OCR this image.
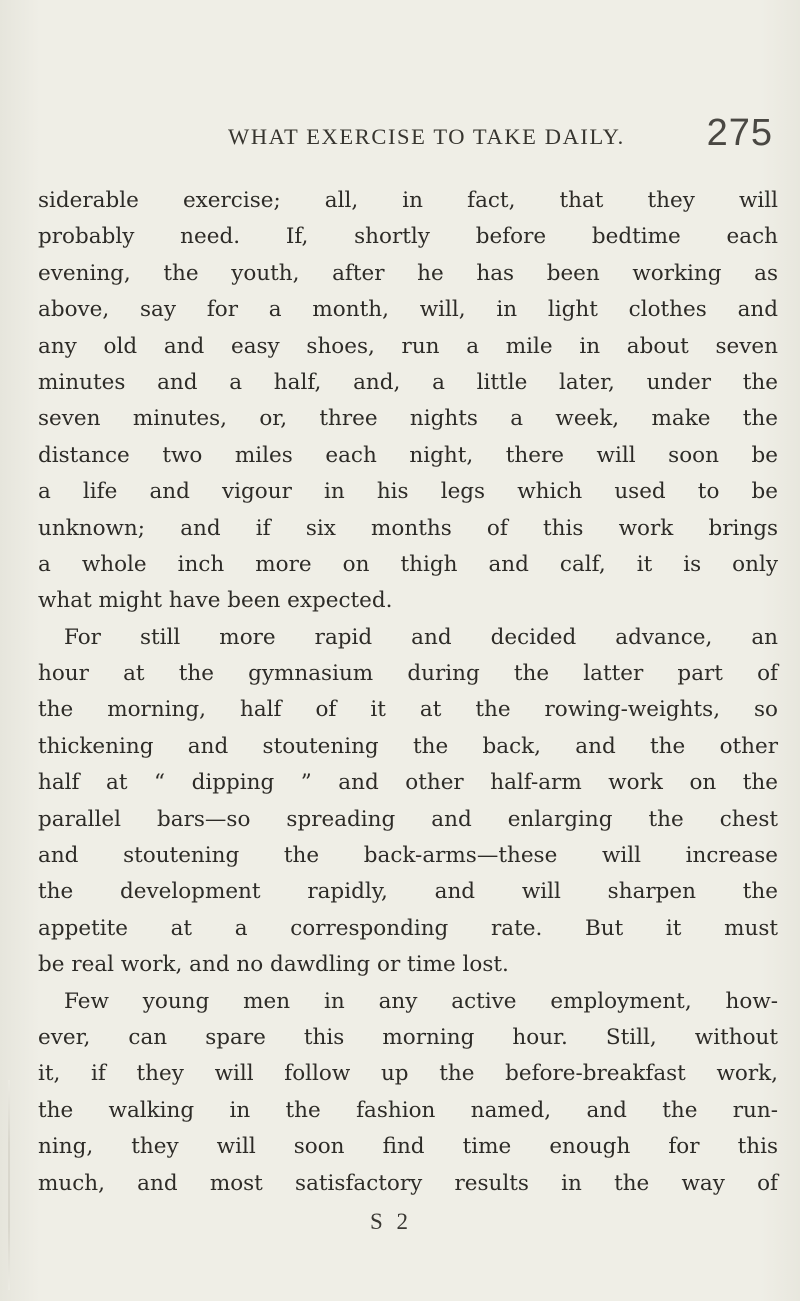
WHAT EXERCISE TO TAKE DAILY. 275
siderable exercise; all, in fact, that they will
probably need. If, shortly before bedtime each
evening, the youth, after he has been working as
above, say for a month, will, in light clothes and
any old and easy shoes, run a mile in about seven
minutes and a half, and, a little later, under the
seven minutes, or, three nights a week, make the
distance two miles each night, there will soon be
a life and vigour in his legs which used to be
unknown; and if six months of this work brings
a whole inch more on thigh and calf, it is only
what might have been expected.
For still more rapid and decided advance, an
hour at the gymnasium during the latter part of
the morning, half of it at the rowing-weights, so
thickening and stoutening the back, and the other
half at “ dipping ” and other half-arm work on the
parallel bars—so spreading and enlarging the chest
and stoutening the back-arms—these will increase
the development rapidly, and will sharpen the
appetite at a corresponding rate. But it must
be real work, and no dawdling or time lost.
Few young men in any active employment, how-
ever, can spare this morning hour. Still, without
it, if they will follow up the before-breakfast work,
the walking in the fashion named, and the run-
ning, they will soon find time enough for this
much, and most satisfactory results in the way of
S 2
